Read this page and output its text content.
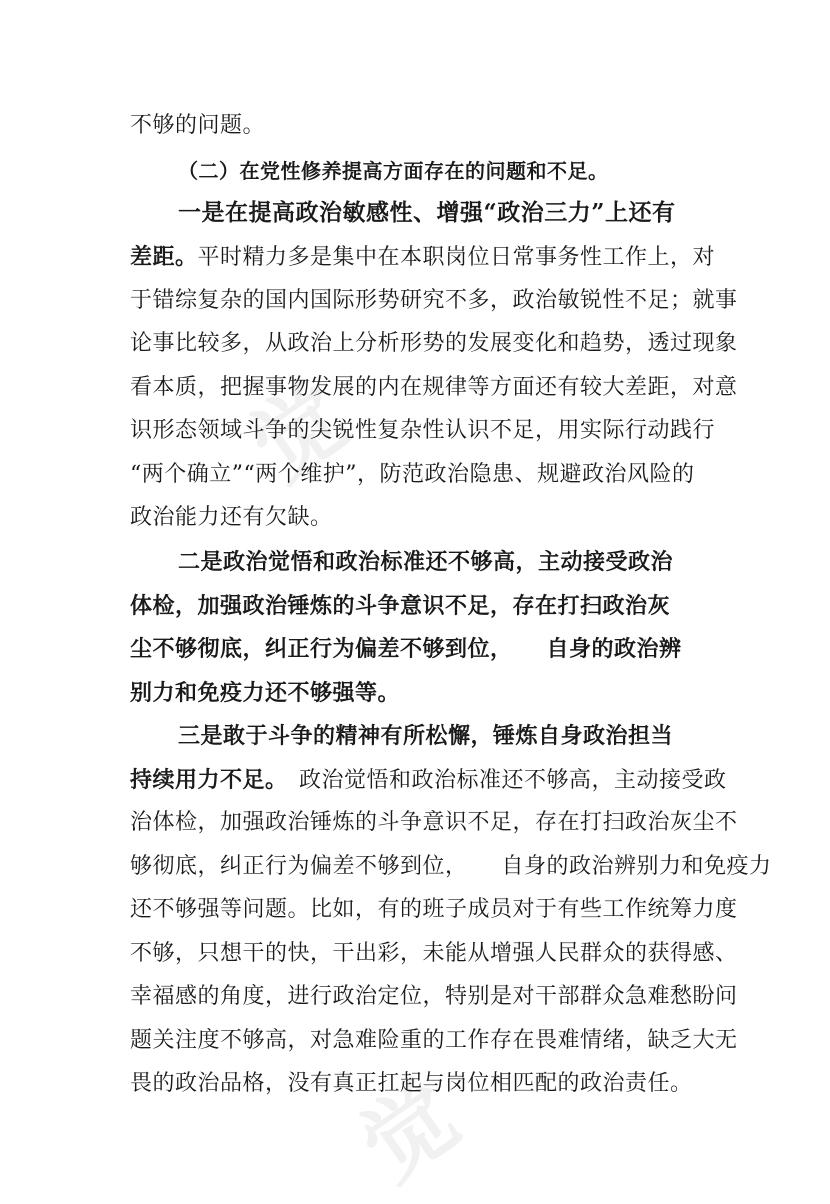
觉
觉
不够的问题。
（二）在党性修养提高方面存在的问题和不足。
一是在提高政治敏感性、增强“政治三力”上还有
差距。平时精力多是集中在本职岗位日常事务性工作上，对
于错综复杂的国内国际形势研究不多，政治敏锐性不足；就事
论事比较多，从政治上分析形势的发展变化和趋势，透过现象
看本质，把握事物发展的内在规律等方面还有较大差距，对意
识形态领域斗争的尖锐性复杂性认识不足，用实际行动践行
“两个确立”“两个维护”，防范政治隐患、规避政治风险的
政治能力还有欠缺。
二是政治觉悟和政治标准还不够高，主动接受政治
体检，加强政治锤炼的斗争意识不足，存在打扫政治灰
尘不够彻底，纠正行为偏差不够到位，　　自身的政治辨
别力和免疫力还不够强等。
三是敢于斗争的精神有所松懈，锤炼自身政治担当
持续用力不足。　政治觉悟和政治标准还不够高，主动接受政
治体检，加强政治锤炼的斗争意识不足，存在打扫政治灰尘不
够彻底，纠正行为偏差不够到位，　　自身的政治辨别力和免疫力
还不够强等问题。比如，有的班子成员对于有些工作统筹力度
不够，只想干的快，干出彩，未能从增强人民群众的获得感、
幸福感的角度，进行政治定位，特别是对干部群众急难愁盼问
题关注度不够高，对急难险重的工作存在畏难情绪，缺乏大无
畏的政治品格，没有真正扛起与岗位相匹配的政治责任。
